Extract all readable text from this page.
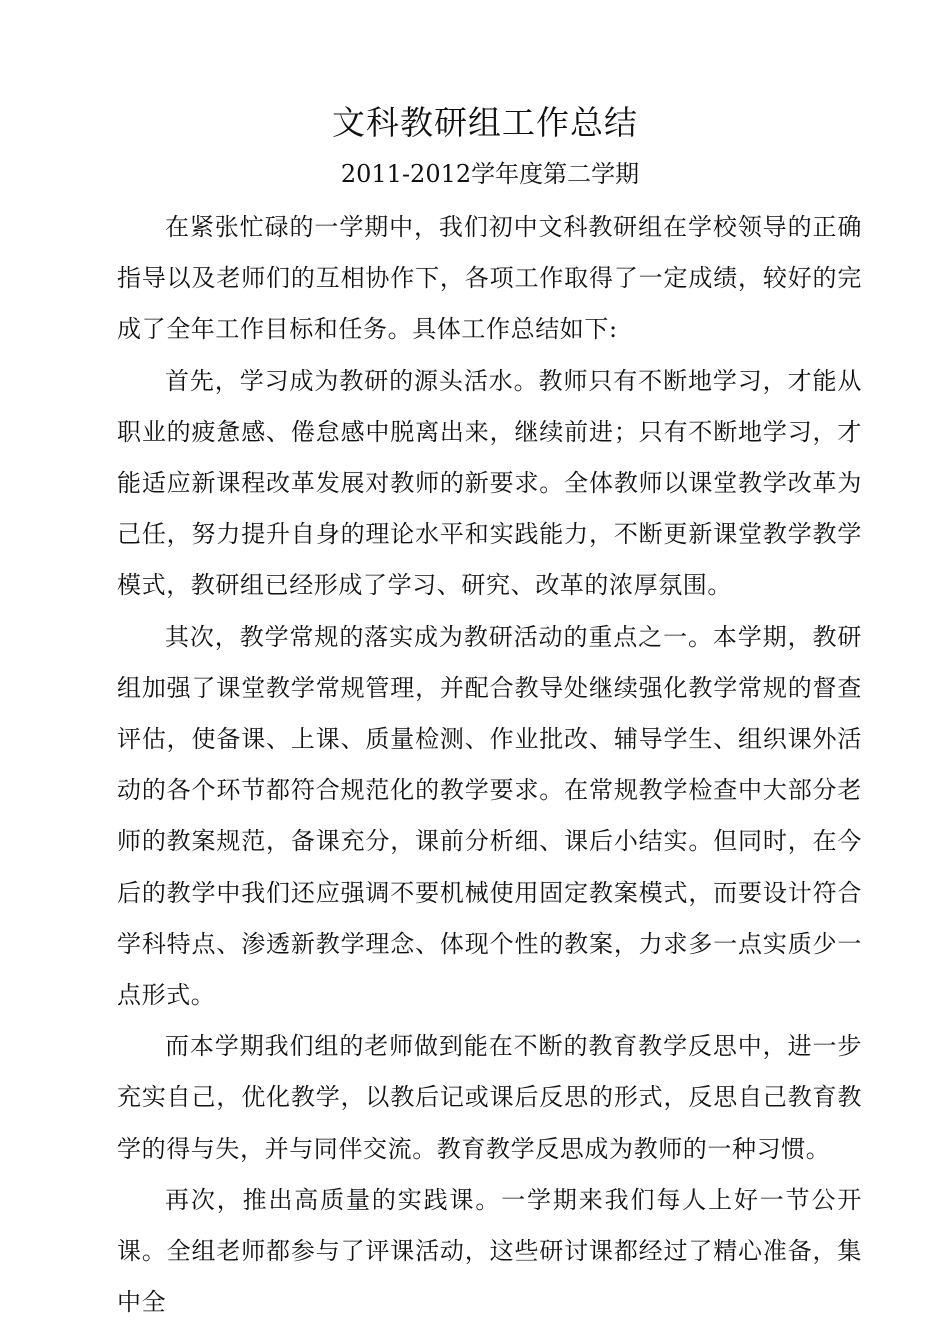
文科教研组工作总结
2011-2012学年度第二学期

在紧张忙碌的一学期中，我们初中文科教研组在学校领导的正确指导以及老师们的互相协作下，各项工作取得了一定成绩，较好的完成了全年工作目标和任务。具体工作总结如下:

首先，学习成为教研的源头活水。教师只有不断地学习，才能从职业的疲惫感、倦怠感中脱离出来，继续前进；只有不断地学习，才能适应新课程改革发展对教师的新要求。全体教师以课堂教学改革为己任，努力提升自身的理论水平和实践能力，不断更新课堂教学教学模式，教研组已经形成了学习、研究、改革的浓厚氛围。

其次，教学常规的落实成为教研活动的重点之一。本学期，教研组加强了课堂教学常规管理，并配合教导处继续强化教学常规的督查评估，使备课、上课、质量检测、作业批改、辅导学生、组织课外活动的各个环节都符合规范化的教学要求。在常规教学检查中大部分老师的教案规范，备课充分，课前分析细、课后小结实。但同时，在今后的教学中我们还应强调不要机械使用固定教案模式，而要设计符合学科特点、渗透新教学理念、体现个性的教案，力求多一点实质少一点形式。

而本学期我们组的老师做到能在不断的教育教学反思中，进一步充实自己，优化教学，以教后记或课后反思的形式，反思自己教育教学的得与失，并与同伴交流。教育教学反思成为教师的一种习惯。

再次，推出高质量的实践课。一学期来我们每人上好一节公开课。全组老师都参与了评课活动，这些研讨课都经过了精心准备，集中全
